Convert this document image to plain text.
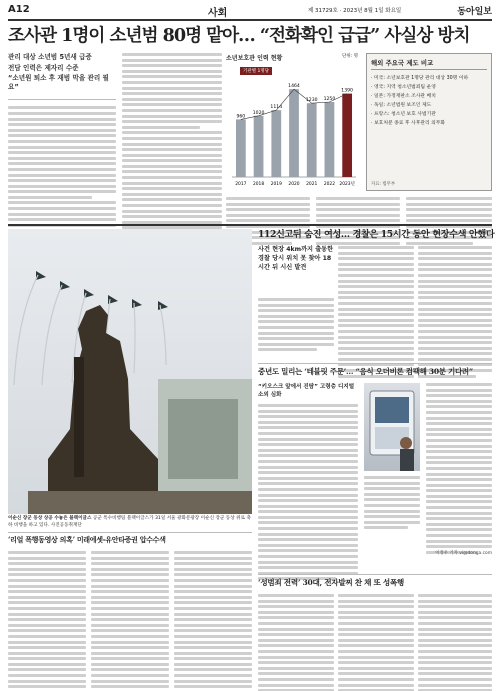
A12	사회	제 31729호 · 2023년 8월 1일 화요일	동아일보
조사관 1명이 소년범 80명 맡아… “전화확인 급급” 사실상 방치
관리 대상 소년범 5년새 급증
전담 인력은 제자리 수준
“소년원 퇴소 후 재범 막을 관리 필요”
소년보호관 인력 현황	단위: 명
기관별 1명당
960
2017
1020
2018
1114
2019
1464
2020
1230
2021
1250
2022
1390
2023년
해외 주요국 제도 비교
· 미국: 소년보호관 1명당 관리 대상 30명 이하
· 영국: 지역 청소년범죄팀 운영
· 일본: 가정재판소 조사관 배치
· 독일: 소년법원 보조인 제도
· 프랑스: 청소년 보호 사법기관
· 보호처분 종료 후 사후관리 의무화
자료: 법무부
이순신 장군 동상 상공 수놓은 블랙이글스 공군 특수비행팀 블랙이글스가 31일 서울 광화문광장 이순신 장군 동상 위로 축하 비행을 하고 있다. 사진공동취재단
112신고뒤 숨진 여성… 경찰은 15시간 동안 현장수색 안했다
사건 현장 4km까지 출동한 경찰 당시 위치 못 찾아 18시간 뒤 시신 발견
중년도 밀리는 ‘테블릿 주문’… “음식 오더비론 컴팩해 30분 기다려”
“키오스크 앞에서 진땀” 고령층 디지털 소외 심화
이정우 기자 vi@donga.com
‘리얼 폭행동영상 의혹’ 미래에셋-유안타증권 압수수색
‘성범죄 전력’ 30대, 전자발찌 찬 채 또 성폭행
